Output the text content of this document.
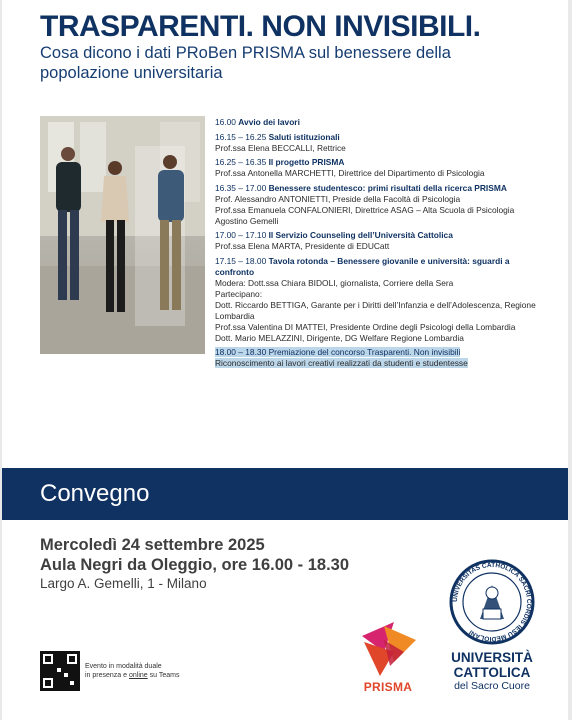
TRASPARENTI. NON INVISIBILI.
Cosa dicono i dati PRoBen PRISMA sul benessere della
popolazione universitaria
16.00 Avvio dei lavori
16.15 – 16.25 Saluti istituzionali
Prof.ssa Elena BECCALLI, Rettrice
16.25 – 16.35 Il progetto PRISMA
Prof.ssa Antonella MARCHETTI, Direttrice del Dipartimento di Psicologia
16.35 – 17.00 Benessere studentesco: primi risultati della ricerca PRISMA
Prof. Alessandro ANTONIETTI, Preside della Facoltà di Psicologia
Prof.ssa Emanuela CONFALONIERI, Direttrice ASAG – Alta Scuola di Psicologia
Agostino Gemelli
17.00 – 17.10 Il Servizio Counseling dell’Università Cattolica
Prof.ssa Elena MARTA, Presidente di EDUCatt
17.15 – 18.00 Tavola rotonda – Benessere giovanile e università: sguardi a confronto
Modera: Dott.ssa Chiara BIDOLI, giornalista, Corriere della Sera
Partecipano:
Dott. Riccardo BETTIGA, Garante per i Diritti dell’Infanzia e dell’Adolescenza, Regione Lombardia
Prof.ssa Valentina DI MATTEI, Presidente Ordine degli Psicologi della Lombardia
Dott. Mario MELAZZINI, Dirigente, DG Welfare Regione Lombardia
18.00 – 18.30 Premiazione del concorso Trasparenti. Non invisibili
Riconoscimento ai lavori creativi realizzati da studenti e studentesse
Convegno
Mercoledì 24 settembre 2025
Aula Negri da Oleggio, ore 16.00 - 18.30
Largo A. Gemelli, 1 - Milano
Evento in modalità duale
in presenza e online su Teams
PRISMA
UNIVERSITAS CATHOLICA SACRI CORDIS IESU MEDIOLANI
UNIVERSITÀ
CATTOLICA
del Sacro Cuore
